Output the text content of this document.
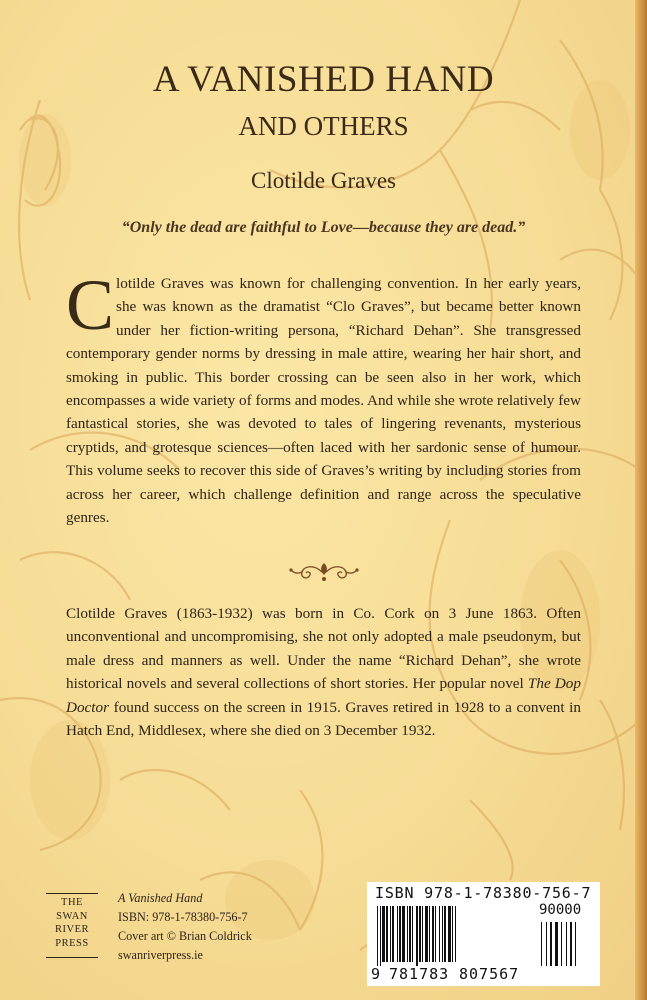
A VANISHED HAND
AND OTHERS
Clotilde Graves
“Only the dead are faithful to Love—because they are dead.”
Clotilde Graves was known for challenging convention. In her early years, she was known as the dramatist “Clo Graves”, but became better known under her fiction-writing persona, “Richard Dehan”. She transgressed contemporary gender norms by dressing in male attire, wearing her hair short, and smoking in public. This border crossing can be seen also in her work, which encompasses a wide variety of forms and modes. And while she wrote relatively few fantastical stories, she was devoted to tales of lingering revenants, mysterious cryptids, and grotesque sciences—often laced with her sardonic sense of humour. This volume seeks to recover this side of Graves’s writing by including stories from across her career, which challenge definition and range across the speculative genres.
Clotilde Graves (1863-1932) was born in Co. Cork on 3 June 1863. Often unconventional and uncompromising, she not only adopted a male pseudonym, but male dress and manners as well. Under the name “Richard Dehan”, she wrote historical novels and several collections of short stories. Her popular novel The Dop Doctor found success on the screen in 1915. Graves retired in 1928 to a convent in Hatch End, Middlesex, where she died on 3 December 1932.
THE
SWAN
RIVER
PRESS
A Vanished Hand
ISBN: 978-1-78380-756-7
Cover art © Brian Coldrick
swanriverpress.ie
ISBN 978-1-78380-756-7
90000
9 781783 807567
